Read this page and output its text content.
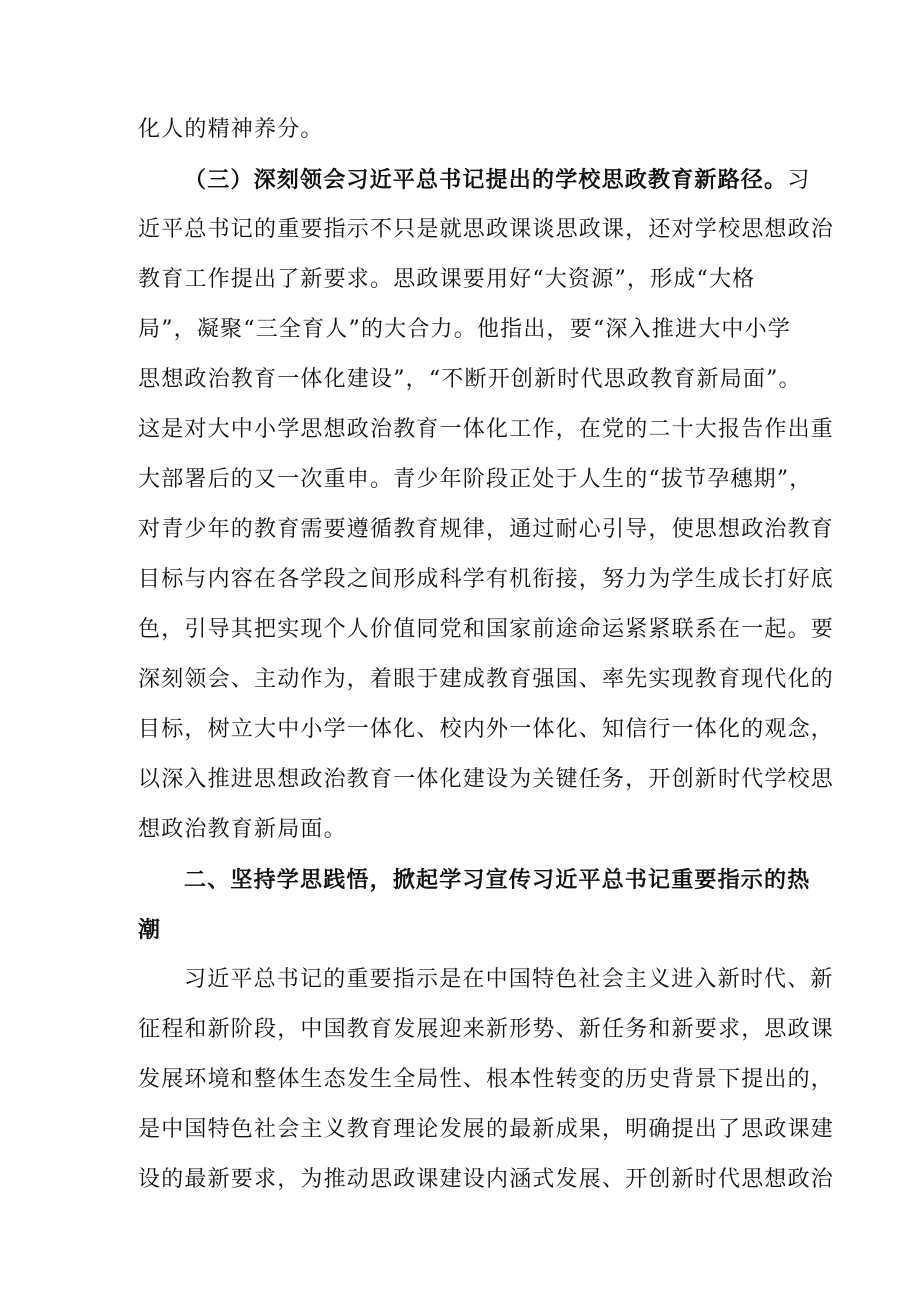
化人的精神养分。
（三）深刻领会习近平总书记提出的学校思政教育新路径。习
近平总书记的重要指示不只是就思政课谈思政课，还对学校思想政治
教育工作提出了新要求。思政课要用好“大资源”，形成“大格
局”，凝聚“三全育人”的大合力。他指出，要“深入推进大中小学
思想政治教育一体化建设”，“不断开创新时代思政教育新局面”。
这是对大中小学思想政治教育一体化工作，在党的二十大报告作出重
大部署后的又一次重申。青少年阶段正处于人生的“拔节孕穗期”，
对青少年的教育需要遵循教育规律，通过耐心引导，使思想政治教育
目标与内容在各学段之间形成科学有机衔接，努力为学生成长打好底
色，引导其把实现个人价值同党和国家前途命运紧紧联系在一起。要
深刻领会、主动作为，着眼于建成教育强国、率先实现教育现代化的
目标，树立大中小学一体化、校内外一体化、知信行一体化的观念，
以深入推进思想政治教育一体化建设为关键任务，开创新时代学校思
想政治教育新局面。
二、坚持学思践悟，掀起学习宣传习近平总书记重要指示的热
潮
习近平总书记的重要指示是在中国特色社会主义进入新时代、新
征程和新阶段，中国教育发展迎来新形势、新任务和新要求，思政课
发展环境和整体生态发生全局性、根本性转变的历史背景下提出的，
是中国特色社会主义教育理论发展的最新成果，明确提出了思政课建
设的最新要求，为推动思政课建设内涵式发展、开创新时代思想政治
